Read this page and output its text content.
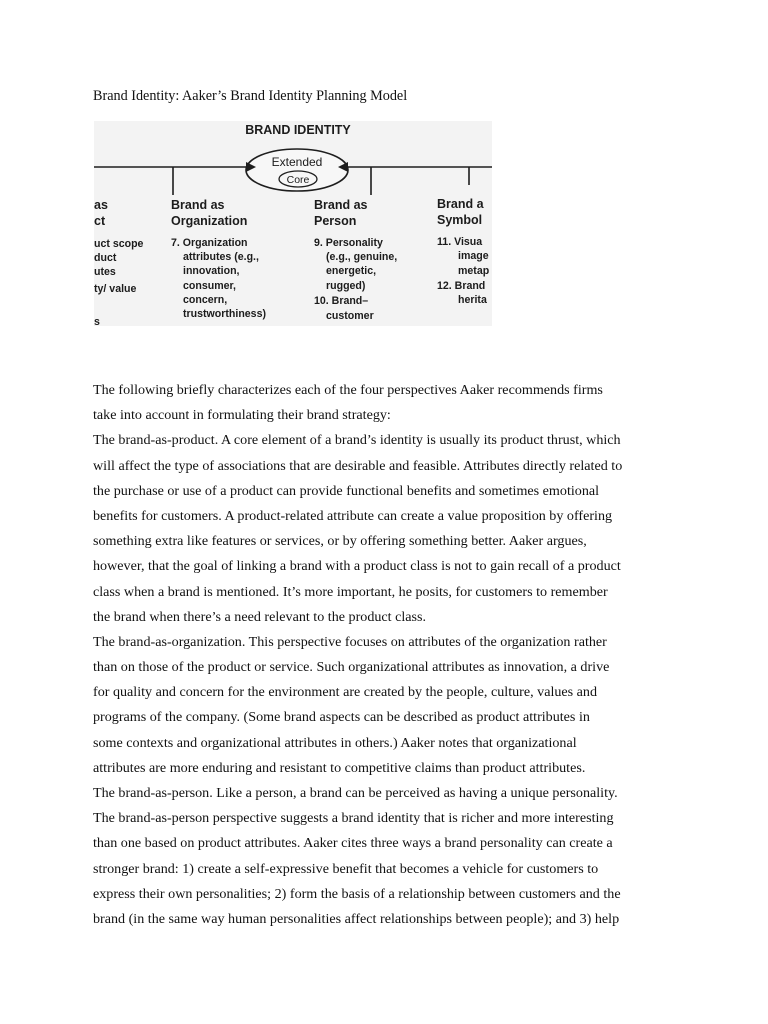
Brand Identity: Aaker’s Brand Identity Planning Model
BRAND IDENTITY
Extended
Core
as
ct
Brand as
Organization
Brand as
Person
Brand a
Symbol
uct scope
duct
utes
ty/ value
s
7. Organization
attributes (e.g.,
innovation,
consumer,
concern,
trustworthiness)
9. Personality
(e.g., genuine,
energetic,
rugged)
10. Brand–
customer
11. Visua
image
metap
12. Brand
herita
The following briefly characterizes each of the four perspectives Aaker recommends firms
take into account in formulating their brand strategy:
The brand-as-product. A core element of a brand’s identity is usually its product thrust, which
will affect the type of associations that are desirable and feasible. Attributes directly related to
the purchase or use of a product can provide functional benefits and sometimes emotional
benefits for customers. A product-related attribute can create a value proposition by offering
something extra like features or services, or by offering something better. Aaker argues,
however, that the goal of linking a brand with a product class is not to gain recall of a product
class when a brand is mentioned. It’s more important, he posits, for customers to remember
the brand when there’s a need relevant to the product class.
The brand-as-organization. This perspective focuses on attributes of the organization rather
than on those of the product or service. Such organizational attributes as innovation, a drive
for quality and concern for the environment are created by the people, culture, values and
programs of the company. (Some brand aspects can be described as product attributes in
some contexts and organizational attributes in others.) Aaker notes that organizational
attributes are more enduring and resistant to competitive claims than product attributes.
The brand-as-person. Like a person, a brand can be perceived as having a unique personality.
The brand-as-person perspective suggests a brand identity that is richer and more interesting
than one based on product attributes. Aaker cites three ways a brand personality can create a
stronger brand: 1) create a self-expressive benefit that becomes a vehicle for customers to
express their own personalities; 2) form the basis of a relationship between customers and the
brand (in the same way human personalities affect relationships between people); and 3) help
